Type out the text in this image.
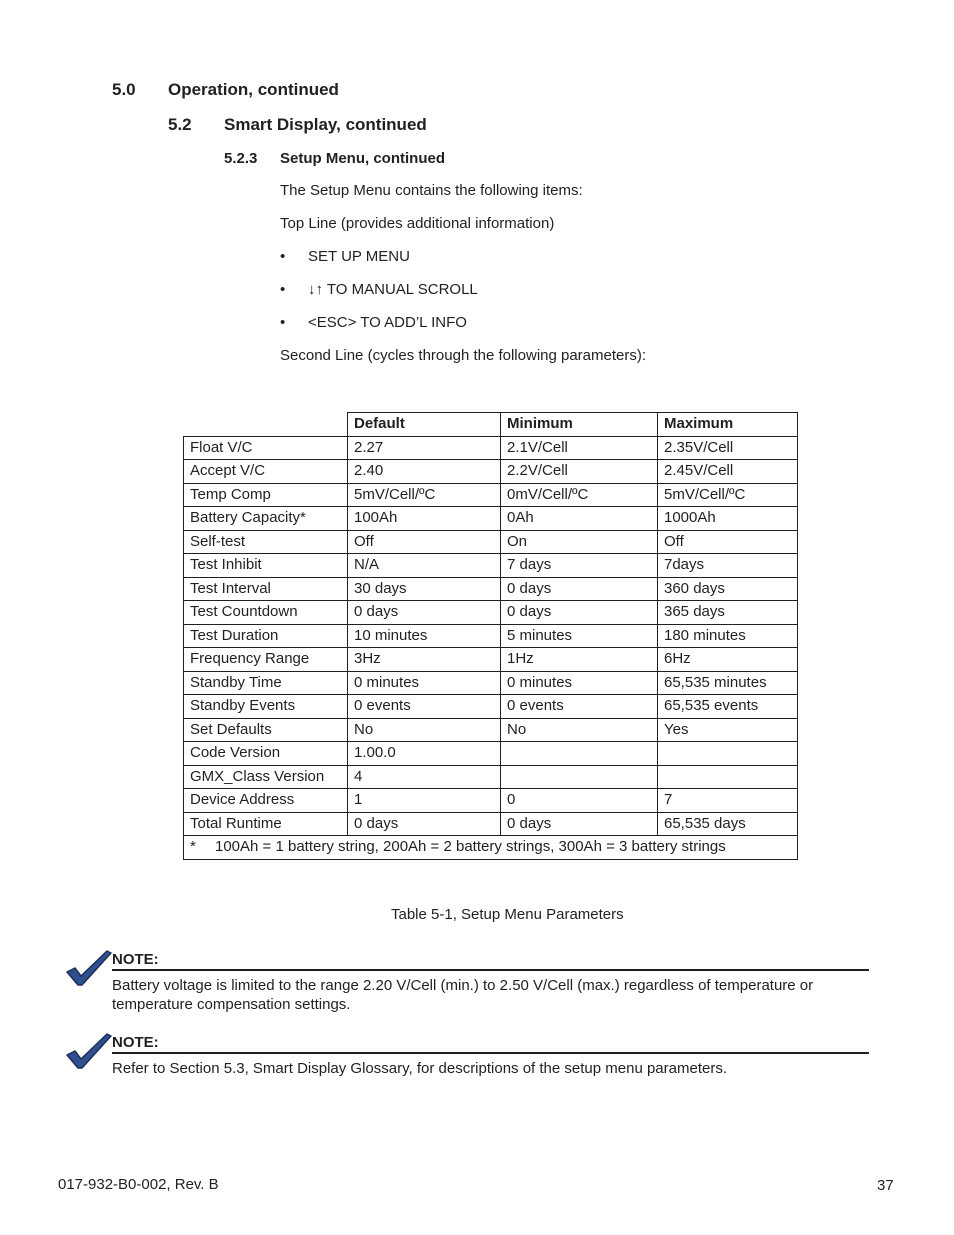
5.0 Operation, continued
5.2 Smart Display, continued
5.2.3 Setup Menu, continued
The Setup Menu contains the following items:
Top Line (provides additional information)
• SET UP MENU
• ↓↑ TO MANUAL SCROLL
• <ESC> TO ADD’L INFO
Second Line (cycles through the following parameters):
	Default	Minimum	Maximum
Float V/C	2.27	2.1V/Cell	2.35V/Cell
Accept V/C	2.40	2.2V/Cell	2.45V/Cell
Temp Comp	5mV/Cell/ºC	0mV/Cell/ºC	5mV/Cell/ºC
Battery Capacity*	100Ah	0Ah	1000Ah
Self-test	Off	On	Off
Test Inhibit	N/A	7 days	7days
Test Interval	30 days	0 days	360 days
Test Countdown	0 days	0 days	365 days
Test Duration	10 minutes	5 minutes	180 minutes
Frequency Range	3Hz	1Hz	6Hz
Standby Time	0 minutes	0 minutes	65,535 minutes
Standby Events	0 events	0 events	65,535 events
Set Defaults	No	No	Yes
Code Version	1.00.0		
GMX_Class Version	4		
Device Address	1	0	7
Total Runtime	0 days	0 days	65,535 days
* 100Ah = 1 battery string, 200Ah = 2 battery strings, 300Ah = 3 battery strings			
Table 5-1, Setup Menu Parameters
NOTE:
Battery voltage is limited to the range 2.20 V/Cell (min.) to 2.50 V/Cell (max.) regardless of temperature or temperature compensation settings.
NOTE:
Refer to Section 5.3, Smart Display Glossary, for descriptions of the setup menu parameters.
017-932-B0-002, Rev. B	37
